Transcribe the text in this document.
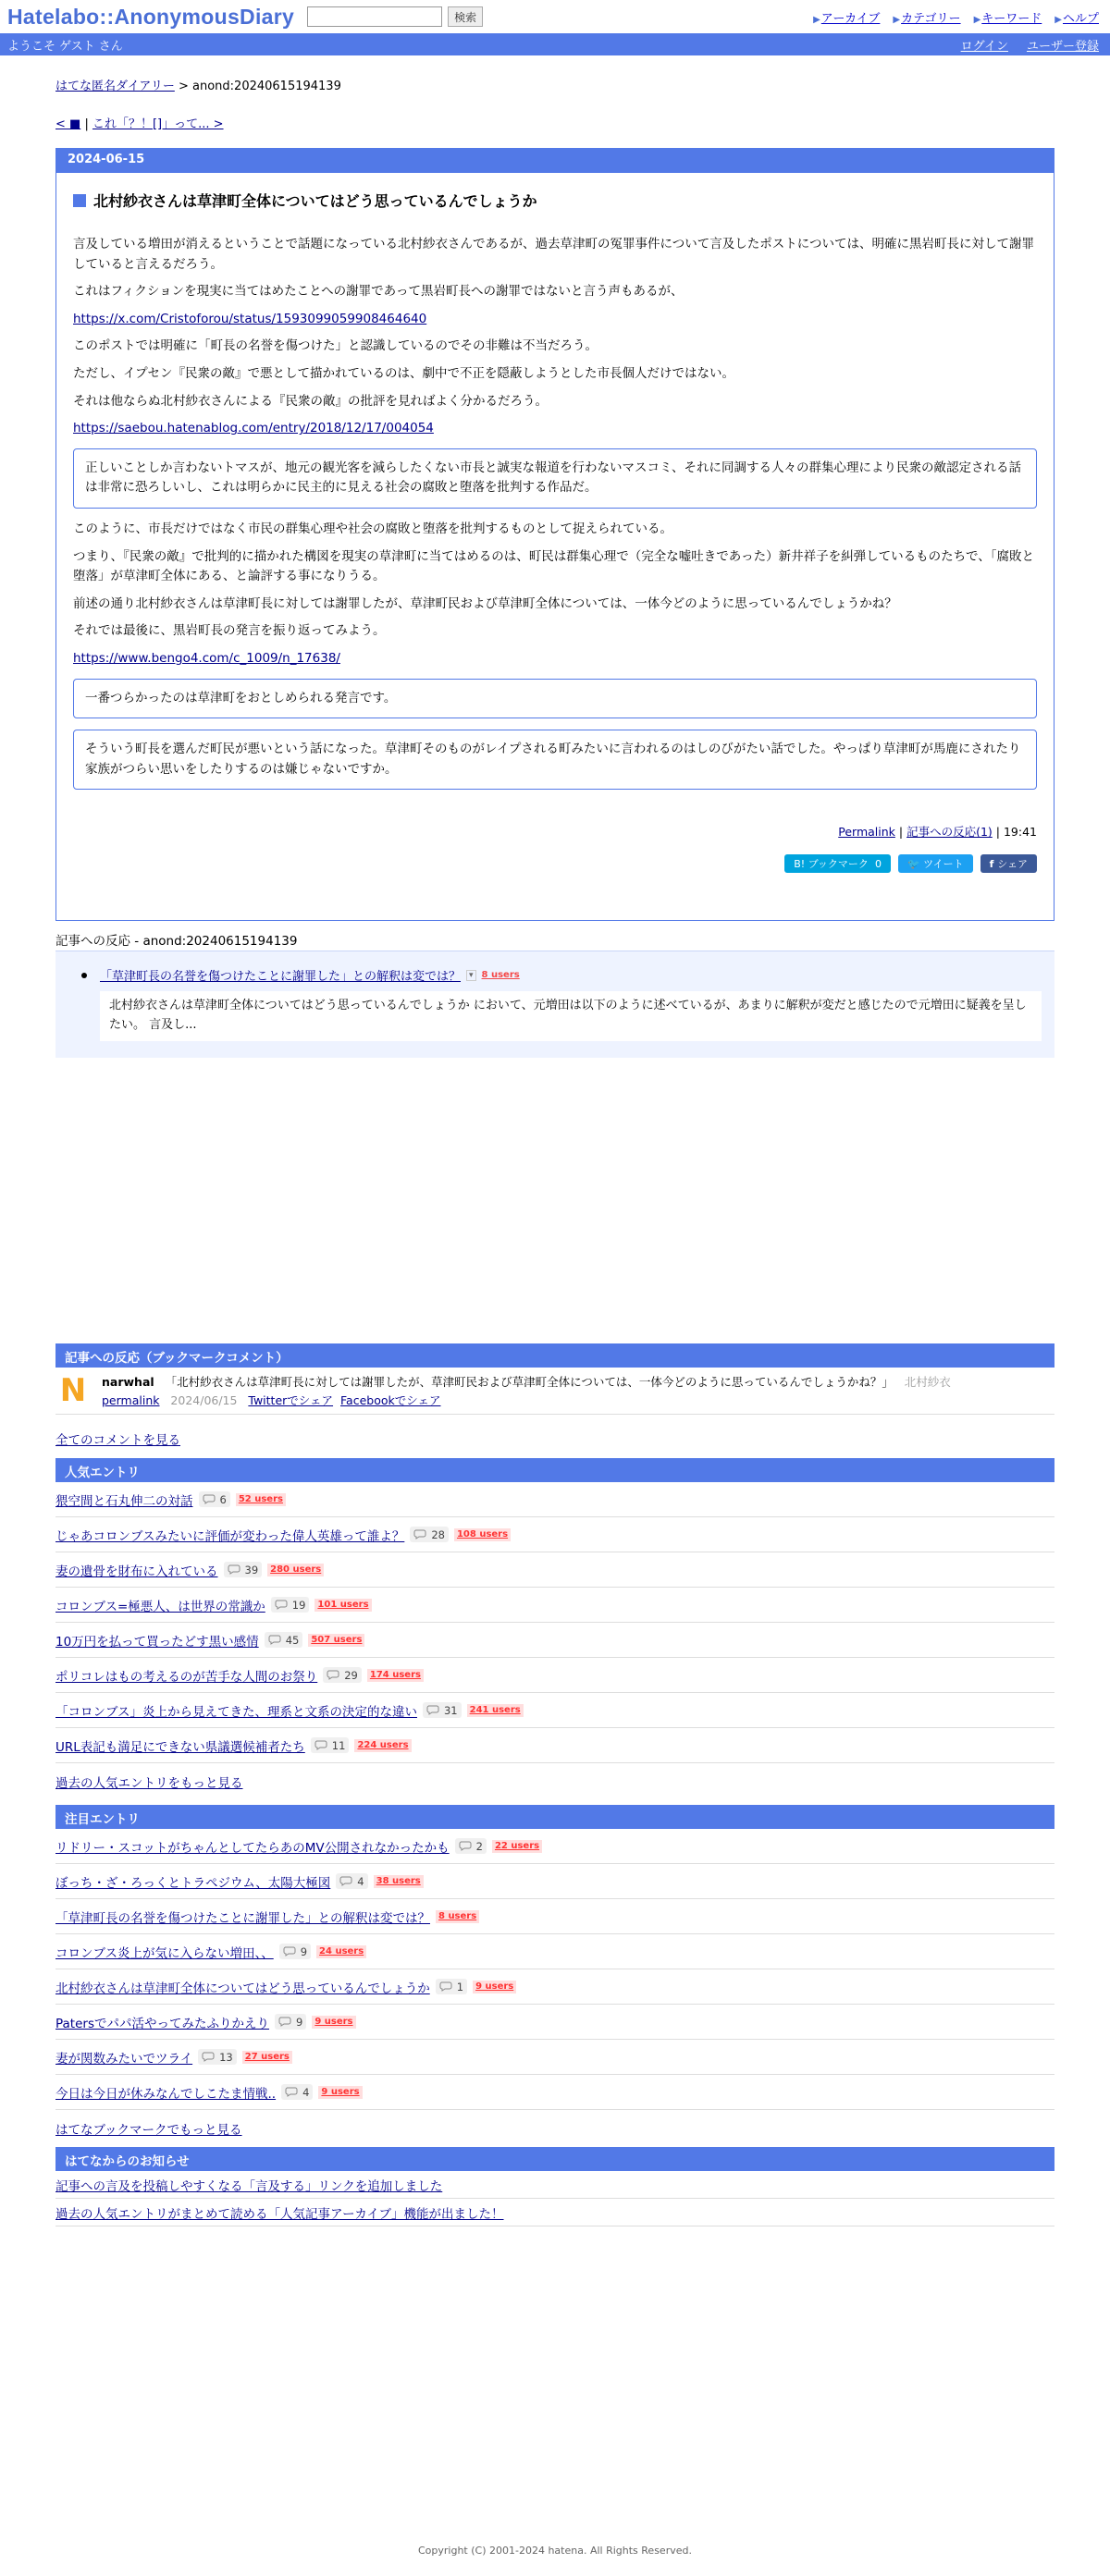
Hatelabo::AnonymousDiary	検索	▶アーカイブ ▶カテゴリー ▶キーワード ▶ヘルプ
ようこそ ゲスト さん	ログイン ユーザー登録
はてな匿名ダイアリー > anond:20240615194139
< ■ | これ「？！[]」って... >
2024-06-15
北村紗衣さんは草津町全体についてはどう思っているんでしょうか

言及している増田が消えるということで話題になっている北村紗衣さんであるが、過去草津町の冤罪事件について言及したポストについては、明確に黒岩町長に対して謝罪していると言えるだろう。

これはフィクションを現実に当てはめたことへの謝罪であって黒岩町長への謝罪ではないと言う声もあるが、

https://x.com/Cristoforou/status/1593099059908464640

このポストでは明確に「町長の名誉を傷つけた」と認識しているのでその非難は不当だろう。

ただし、イプセン『民衆の敵』で悪として描かれているのは、劇中で不正を隠蔽しようとした市長個人だけではない。

それは他ならぬ北村紗衣さんによる『民衆の敵』の批評を見ればよく分かるだろう。

https://saebou.hatenablog.com/entry/2018/12/17/004054

正しいことしか言わないトマスが、地元の観光客を減らしたくない市長と誠実な報道を行わないマスコミ、それに同調する人々の群集心理により民衆の敵認定される話は非常に恐ろしいし、これは明らかに民主的に見える社会の腐敗と堕落を批判する作品だ。

このように、市長だけではなく市民の群集心理や社会の腐敗と堕落を批判するものとして捉えられている。

つまり、『民衆の敵』で批判的に描かれた構図を現実の草津町に当てはめるのは、町民は群集心理で（完全な嘘吐きであった）新井祥子を糾弾しているものたちで、「腐敗と堕落」が草津町全体にある、と論評する事になりうる。

前述の通り北村紗衣さんは草津町長に対しては謝罪したが、草津町民および草津町全体については、一体今どのように思っているんでしょうかね？

それでは最後に、黒岩町長の発言を振り返ってみよう。

https://www.bengo4.com/c_1009/n_17638/

一番つらかったのは草津町をおとしめられる発言です。
そういう町長を選んだ町民が悪いという話になった。草津町そのものがレイプされる町みたいに言われるのはしのびがたい話でした。やっぱり草津町が馬鹿にされたり家族がつらい思いをしたりするのは嫌じゃないですか。
Permalink | 記事への反応(1) | 19:41
B! ブックマーク
0	🐦 ツイート	f シェア
記事への反応 - anond:20240615194139
「草津町長の名誉を傷つけたことに謝罪した」との解釈は変では？	▾ 8 users
北村紗衣さんは草津町全体についてはどう思っているんでしょうか において、元増田は以下のように述べているが、あまりに解釈が変だと感じたので元増田に疑義を呈したい。 言及し...
記事への反応（ブックマークコメント）
N	narwhal 「北村紗衣さんは草津町長に対しては謝罪したが、草津町民および草津町全体については、一体今どのように思っているんでしょうかね？」 北村紗衣
permalink 2024/06/15 Twitterでシェア Facebookでシェア
全てのコメントを見る
人気エントリ
猥空間と石丸伸二の対話	6	52 users
じゃあコロンブスみたいに評価が変わった偉人英雄って誰よ？	28	108 users
妻の遺骨を財布に入れている	39	280 users
コロンブス=極悪人、は世界の常識か	19	101 users
10万円を払って買ったどす黒い感情	45	507 users
ポリコレはもの考えるのが苦手な人間のお祭り	29	174 users
「コロンブス」炎上から見えてきた、理系と文系の決定的な違い	31	241 users
URL表記も満足にできない県議選候補者たち	11	224 users
過去の人気エントリをもっと見る
注目エントリ
リドリー・スコットがちゃんとしてたらあのMV公開されなかったかも	2	22 users
ぼっち・ざ・ろっくとトラペジウム、太陽大極図	4	38 users
「草津町長の名誉を傷つけたことに謝罪した」との解釈は変では？ 8 users
コロンブス炎上が気に入らない増田、、	9	24 users
北村紗衣さんは草津町全体についてはどう思っているんでしょうか	1	9 users
Patersでパパ活やってみたふりかえり	9	9 users
妻が関数みたいでツライ	13	27 users
今日は今日が休みなんでしこたま情戦..	4	9 users
はてなブックマークでもっと見る
はてなからのお知らせ
記事への言及を投稿しやすくなる「言及する」リンクを追加しました
過去の人気エントリがまとめて読める「人気記事アーカイブ」機能が出ました！
Copyright (C) 2001-2024 hatena. All Rights Reserved.
